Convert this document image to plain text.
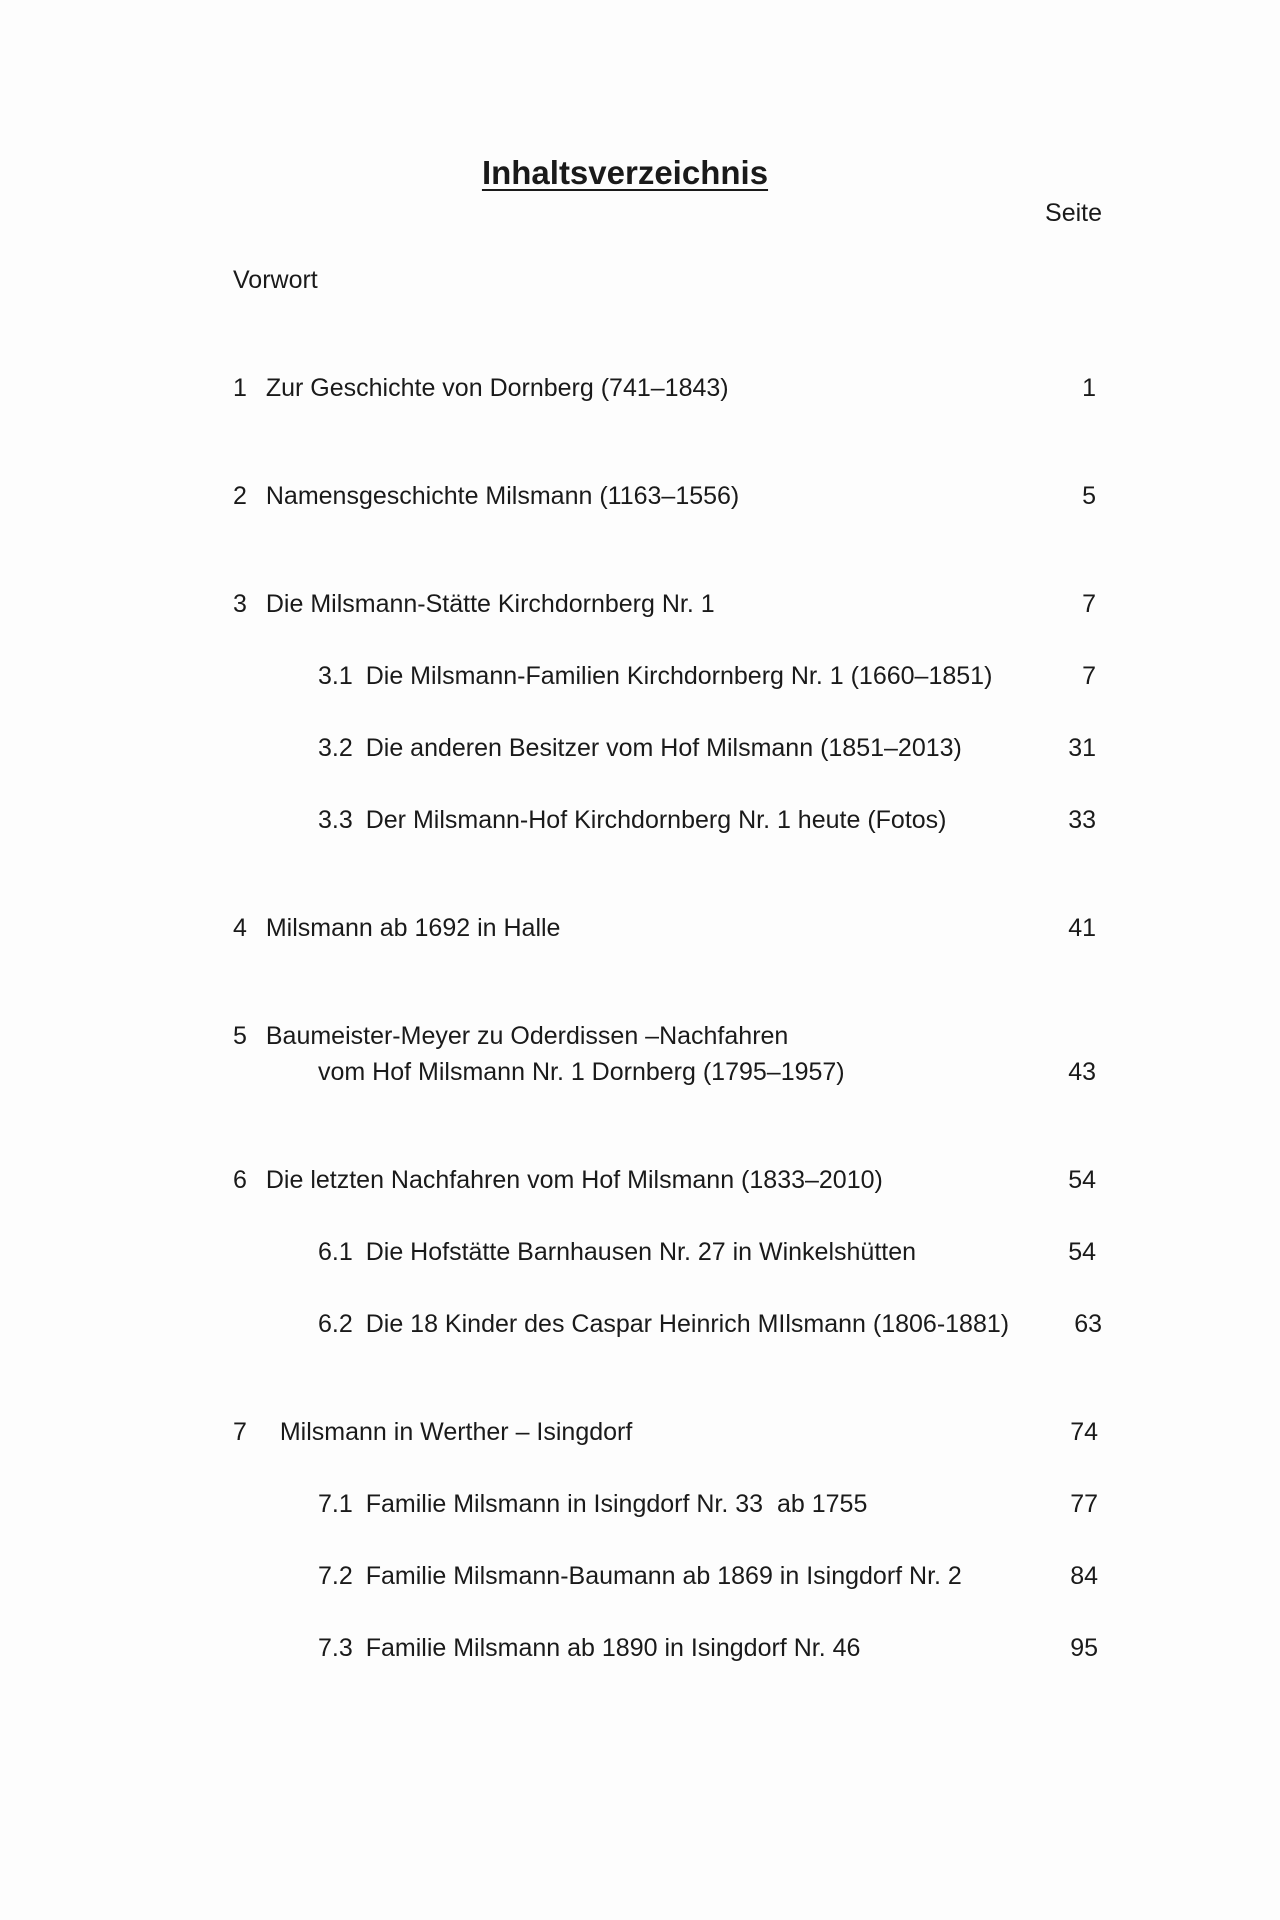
Inhaltsverzeichnis
Seite
Vorwort
1 Zur Geschichte von Dornberg (741–1843)	1
2 Namensgeschichte Milsmann (1163–1556)	5
3 Die Milsmann-Stätte Kirchdornberg Nr. 1	7
3.1 Die Milsmann-Familien Kirchdornberg Nr. 1 (1660–1851)	7
3.2 Die anderen Besitzer vom Hof Milsmann (1851–2013)	31
3.3 Der Milsmann-Hof Kirchdornberg Nr. 1 heute (Fotos)	33
4 Milsmann ab 1692 in Halle	41
5 Baumeister-Meyer zu Oderdissen –Nachfahren
vom Hof Milsmann Nr. 1 Dornberg (1795–1957)	43
6 Die letzten Nachfahren vom Hof Milsmann (1833–2010)	54
6.1 Die Hofstätte Barnhausen Nr. 27 in Winkelshütten	54
6.2 Die 18 Kinder des Caspar Heinrich MIlsmann (1806-1881)	63
7 Milsmann in Werther – Isingdorf	74
7.1 Familie Milsmann in Isingdorf Nr. 33  ab 1755	77
7.2 Familie Milsmann-Baumann ab 1869 in Isingdorf Nr. 2	84
7.3 Familie Milsmann ab 1890 in Isingdorf Nr. 46	95
